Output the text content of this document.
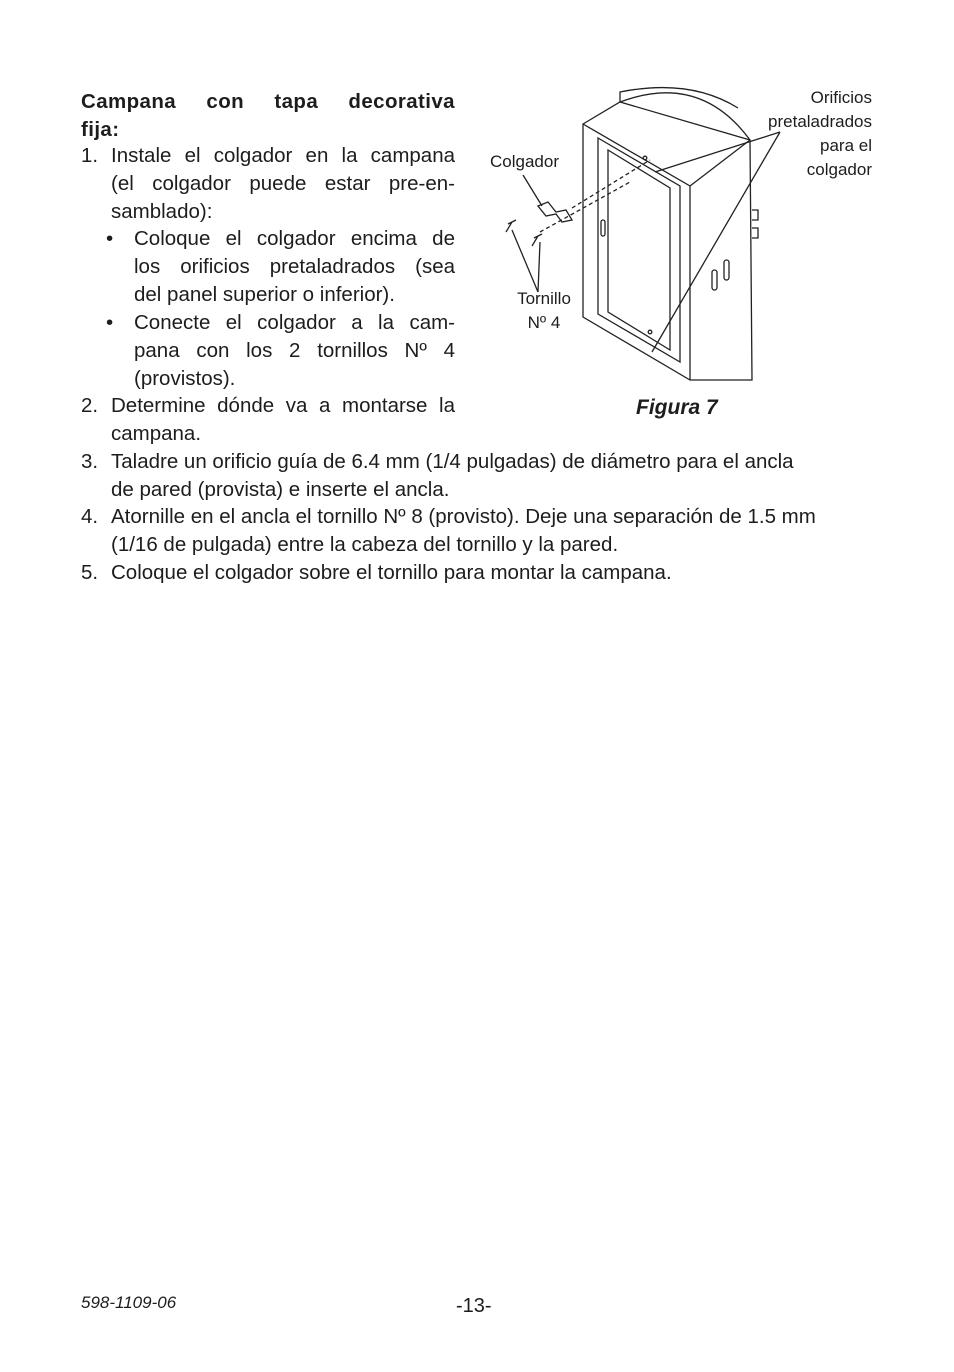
Campana con tapa decorativa
fija:
1. Instale el colgador en la campana
(el colgador puede estar pre-en-
samblado):
• Coloque el colgador encima de
los orificios pretaladrados (sea
del panel superior o inferior).
• Conecte el colgador a la cam-
pana con los 2 tornillos Nº 4
(provistos).
2. Determine dónde va a montarse la
campana.
3. Taladre un orificio guía de 6.4 mm (1/4 pulgadas) de diámetro para el ancla
de pared (provista) e inserte el ancla.
4. Atornille en el ancla el tornillo Nº 8 (provisto). Deje una separación de 1.5 mm
(1/16 de pulgada) entre la cabeza del tornillo y la pared.
5. Coloque el colgador sobre el tornillo para montar la campana.
Colgador
Tornillo
Nº 4
Orificios
pretaladrados
para el
colgador
Figura 7
598-1109-06	-13-
